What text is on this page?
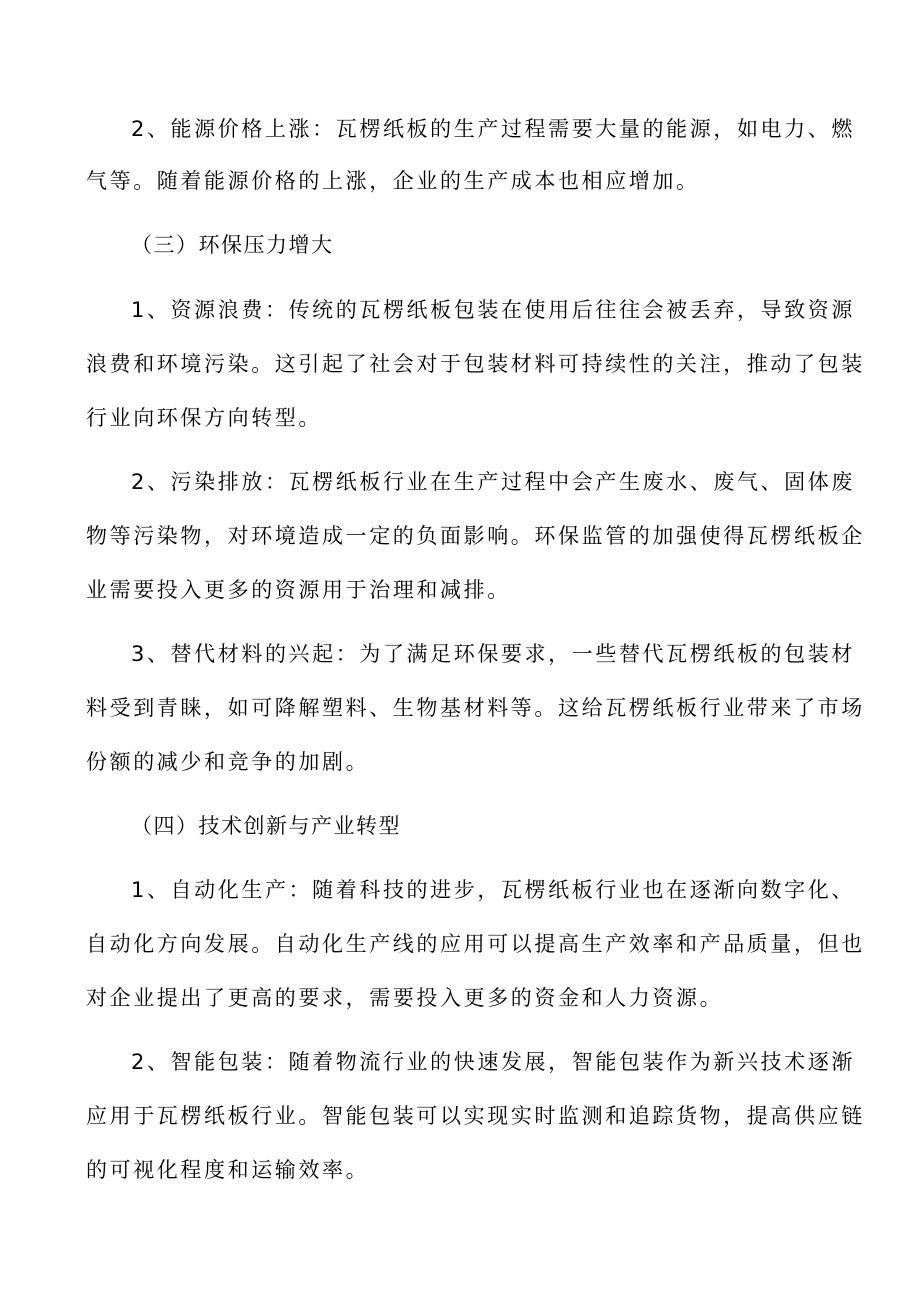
2、能源价格上涨：瓦楞纸板的生产过程需要大量的能源，如电力、燃
气等。随着能源价格的上涨，企业的生产成本也相应增加。
（三）环保压力增大
1、资源浪费：传统的瓦楞纸板包装在使用后往往会被丢弃，导致资源
浪费和环境污染。这引起了社会对于包装材料可持续性的关注，推动了包装
行业向环保方向转型。
2、污染排放：瓦楞纸板行业在生产过程中会产生废水、废气、固体废
物等污染物，对环境造成一定的负面影响。环保监管的加强使得瓦楞纸板企
业需要投入更多的资源用于治理和减排。
3、替代材料的兴起：为了满足环保要求，一些替代瓦楞纸板的包装材
料受到青睐，如可降解塑料、生物基材料等。这给瓦楞纸板行业带来了市场
份额的减少和竞争的加剧。
（四）技术创新与产业转型
1、自动化生产：随着科技的进步，瓦楞纸板行业也在逐渐向数字化、
自动化方向发展。自动化生产线的应用可以提高生产效率和产品质量，但也
对企业提出了更高的要求，需要投入更多的资金和人力资源。
2、智能包装：随着物流行业的快速发展，智能包装作为新兴技术逐渐
应用于瓦楞纸板行业。智能包装可以实现实时监测和追踪货物，提高供应链
的可视化程度和运输效率。
